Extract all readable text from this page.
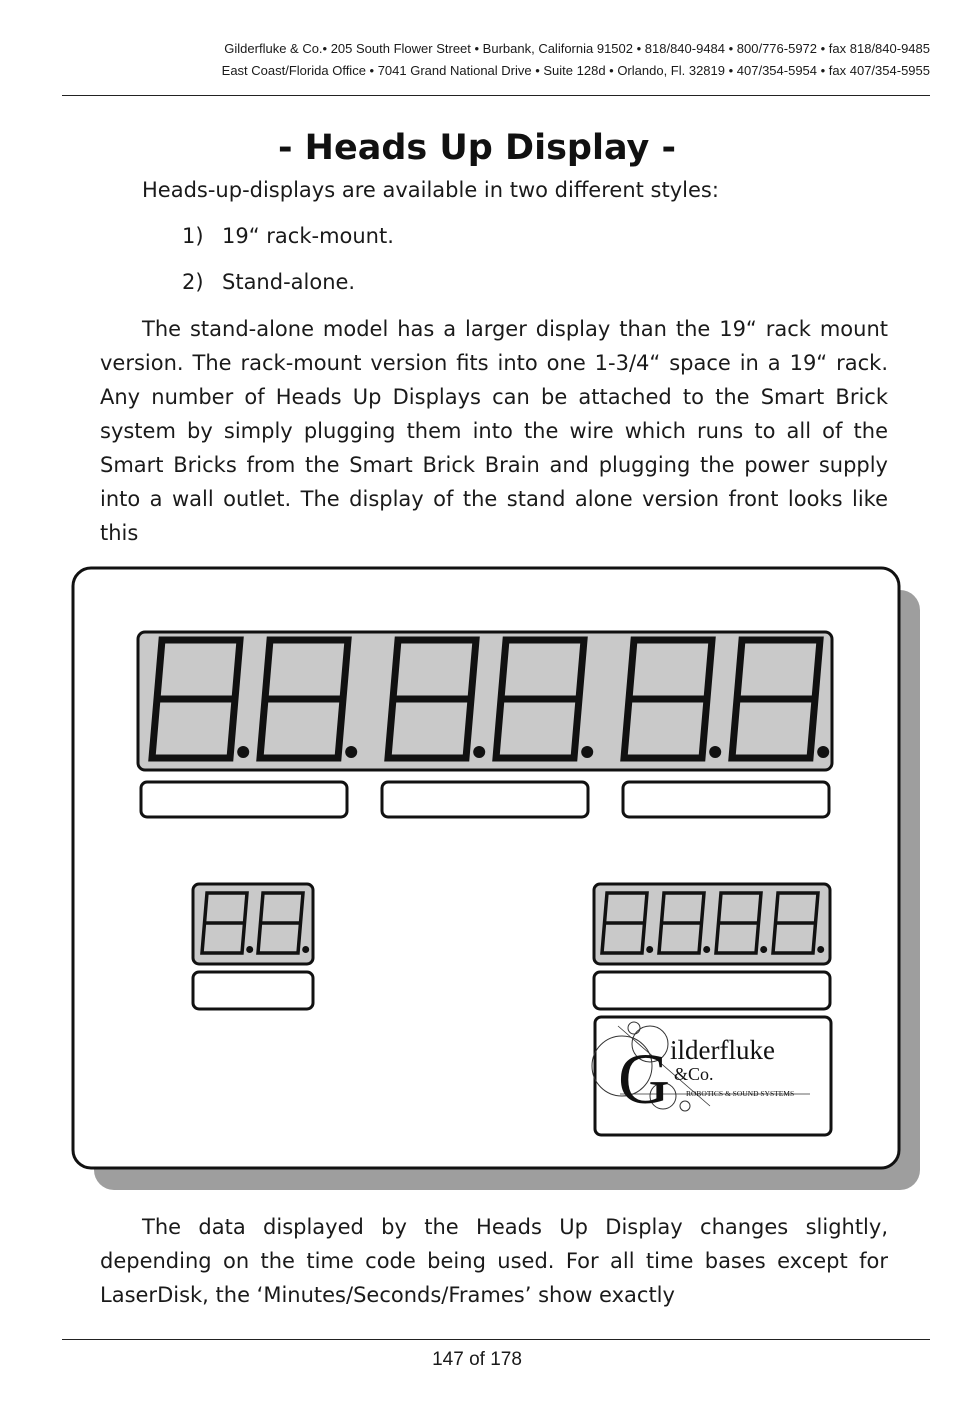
Gilderfluke & Co.• 205 South Flower Street • Burbank, California 91502 • 818/840-9484 • 800/776-5972 • fax 818/840-9485
East Coast/Florida Office • 7041 Grand National Drive • Suite 128d • Orlando, Fl. 32819 • 407/354-5954 • fax 407/354-5955
- Heads Up Display -
Heads-up-displays are available in two different styles:
1) 19“ rack-mount.
2) Stand-alone.

The stand-alone model has a larger display than the 19“ rack mount version. The rack-mount version fits into one 1-3/4“ space in a 19“ rack. Any number of Heads Up Displays can be attached to the Smart Brick system by simply plugging them into the wire which runs to all of the Smart Bricks from the Smart Brick Brain and plugging the power supply into a wall outlet. The display of the stand alone version front looks like this

G ilderfluke
&Co.
ROBOTICS & SOUND SYSTEMS

The data displayed by the Heads Up Display changes slightly, depending on the time code being used. For all time bases except for LaserDisk, the ‘Minutes/Seconds/Frames’ show exactly

147 of 178
